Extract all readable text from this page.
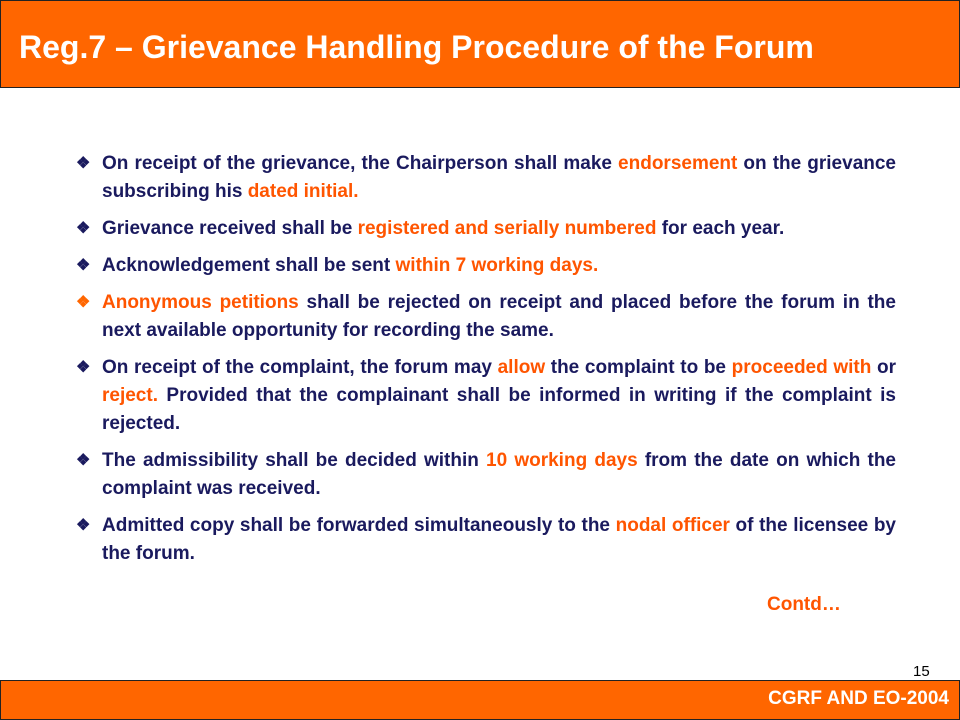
Reg.7 – Grievance Handling Procedure of the Forum
❖ On receipt of the grievance, the Chairperson shall make endorsement on the grievance subscribing his dated initial.
❖ Grievance received shall be registered and serially numbered for each year.
❖ Acknowledgement shall be sent within 7 working days.
❖ Anonymous petitions shall be rejected on receipt and placed before the forum in the next available opportunity for recording the same.
❖ On receipt of the complaint, the forum may allow the complaint to be proceeded with or reject. Provided that the complainant shall be informed in writing if the complaint is rejected.
❖ The admissibility shall be decided within 10 working days from the date on which the complaint was received.
❖ Admitted copy shall be forwarded simultaneously to the nodal officer of the licensee by the forum.
Contd…
15
CGRF AND EO-2004
